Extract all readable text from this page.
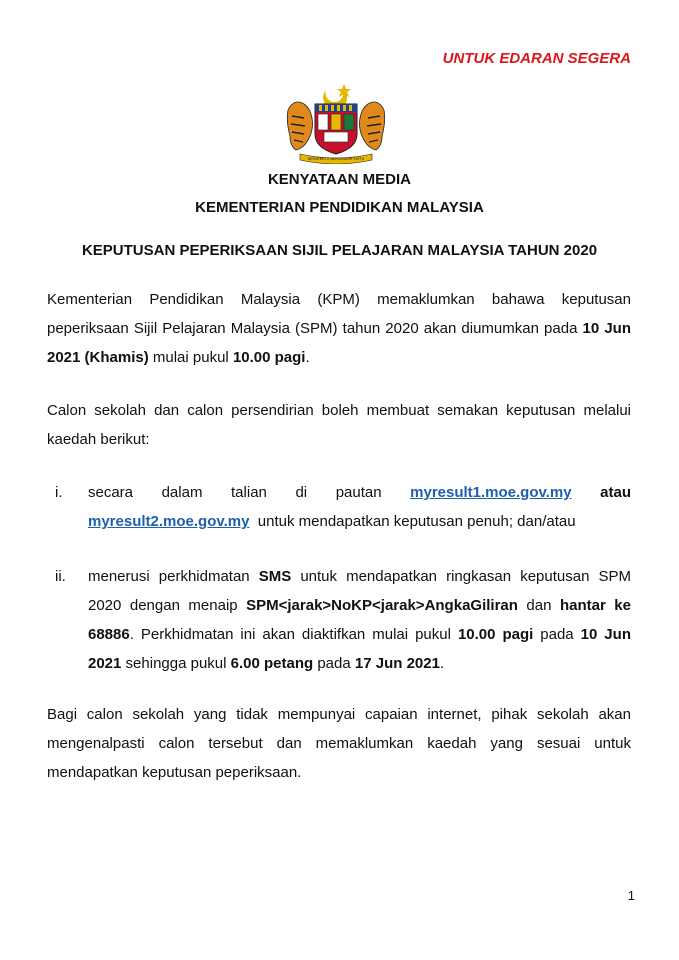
UNTUK EDARAN SEGERA
BERSEKUTU BERTAMBAH MUTU
KENYATAAN MEDIA
KEMENTERIAN PENDIDIKAN MALAYSIA
KEPUTUSAN PEPERIKSAAN SIJIL PELAJARAN MALAYSIA TAHUN 2020

Kementerian Pendidikan Malaysia (KPM) memaklumkan bahawa keputusan peperiksaan Sijil Pelajaran Malaysia (SPM) tahun 2020 akan diumumkan pada 10 Jun 2021 (Khamis) mulai pukul 10.00 pagi.

Calon sekolah dan calon persendirian boleh membuat semakan keputusan melalui kaedah berikut:

i. secara dalam talian di pautan myresult1.moe.gov.my atau
myresult2.moe.gov.my untuk mendapatkan keputusan penuh; dan/atau
ii. menerusi perkhidmatan SMS untuk mendapatkan ringkasan keputusan SPM 2020 dengan menaip SPM<jarak>NoKP<jarak>AngkaGiliran dan hantar ke 68886. Perkhidmatan ini akan diaktifkan mulai pukul 10.00 pagi pada 10 Jun 2021 sehingga pukul 6.00 petang pada 17 Jun 2021.

Bagi calon sekolah yang tidak mempunyai capaian internet, pihak sekolah akan mengenalpasti calon tersebut dan memaklumkan kaedah yang sesuai untuk mendapatkan keputusan peperiksaan.

1
